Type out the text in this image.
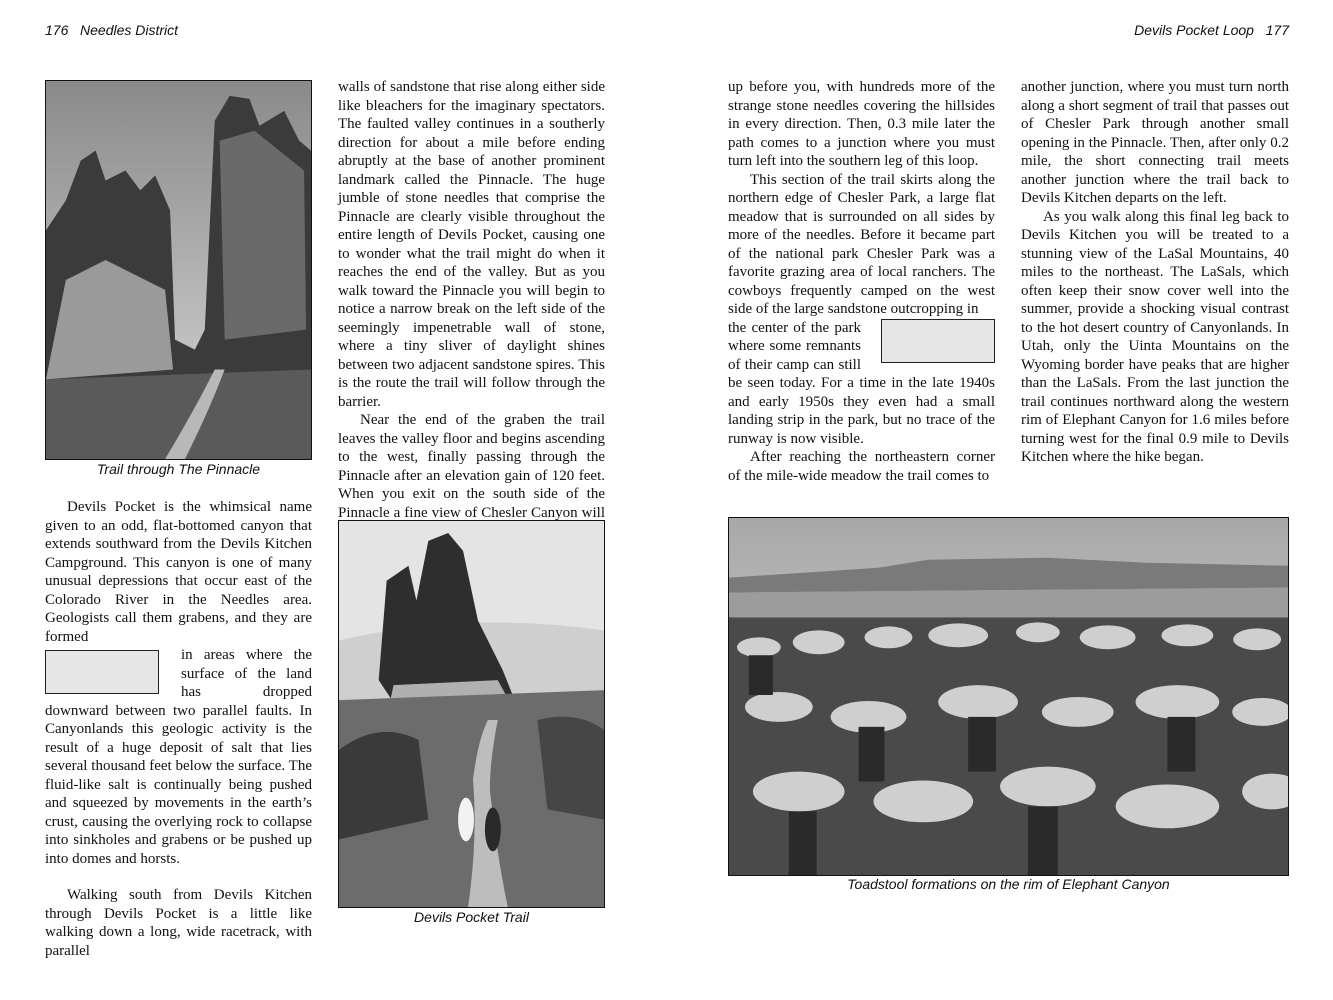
176 Needles District	Devils Pocket Loop 177
Trail through The Pinnacle

Devils Pocket is the whimsical name given to an odd, flat-bottomed canyon that extends southward from the Devils Kitchen Campground. This canyon is one of many unusual depressions that occur east of the Colorado River in the Needles area. Geologists call them grabens, and they are formed

in areas where the surface of the land has dropped downward between two parallel faults. In Canyonlands this geologic activity is the result of a huge deposit of salt that lies several thousand feet below the surface. The fluid-like salt is continually being pushed and squeezed by movements in the earth’s crust, causing the overlying rock to collapse into sinkholes and grabens or be pushed up into domes and horsts.

Walking south from Devils Kitchen through Devils Pocket is a little like walking down a long, wide racetrack, with parallel

walls of sandstone that rise along either side like bleachers for the imaginary spectators. The faulted valley continues in a southerly direction for about a mile before ending abruptly at the base of another prominent landmark called the Pinnacle. The huge jumble of stone needles that comprise the Pinnacle are clearly visible throughout the entire length of Devils Pocket, causing one to wonder what the trail might do when it reaches the end of the valley. But as you walk toward the Pinnacle you will begin to notice a narrow break on the left side of the seemingly impenetrable wall of stone, where a tiny sliver of daylight shines between two adjacent sandstone spires. This is the route the trail will follow through the barrier.

Near the end of the graben the trail leaves the valley floor and begins ascending to the west, finally passing through the Pinnacle after an elevation gain of 120 feet. When you exit on the south side of the Pinnacle a fine view of Chesler Canyon will

Devils Pocket Trail

up before you, with hundreds more of the strange stone needles covering the hillsides in every direction. Then, 0.3 mile later the path comes to a junction where you must turn left into the southern leg of this loop.

This section of the trail skirts along the northern edge of Chesler Park, a large flat meadow that is surrounded on all sides by more of the needles. Before it became part of the national park Chesler Park was a favorite grazing area of local ranchers. The cowboys frequently camped on the west side of the large sandstone outcropping in

the center of the park where some remnants of their camp can still be seen today. For a time in the late 1940s and early 1950s they even had a small landing strip in the park, but no trace of the runway is now visible.

After reaching the northeastern corner of the mile-wide meadow the trail comes to

another junction, where you must turn north along a short segment of trail that passes out of Chesler Park through another small opening in the Pinnacle. Then, after only 0.2 mile, the short connecting trail meets another junction where the trail back to Devils Kitchen departs on the left.

As you walk along this final leg back to Devils Kitchen you will be treated to a stunning view of the LaSal Mountains, 40 miles to the northeast. The LaSals, which often keep their snow cover well into the summer, provide a shocking visual contrast to the hot desert country of Canyonlands. In Utah, only the Uinta Mountains on the Wyoming border have peaks that are higher than the LaSals. From the last junction the trail continues northward along the western rim of Elephant Canyon for 1.6 miles before turning west for the final 0.9 mile to Devils Kitchen where the hike began.

Toadstool formations on the rim of Elephant Canyon
